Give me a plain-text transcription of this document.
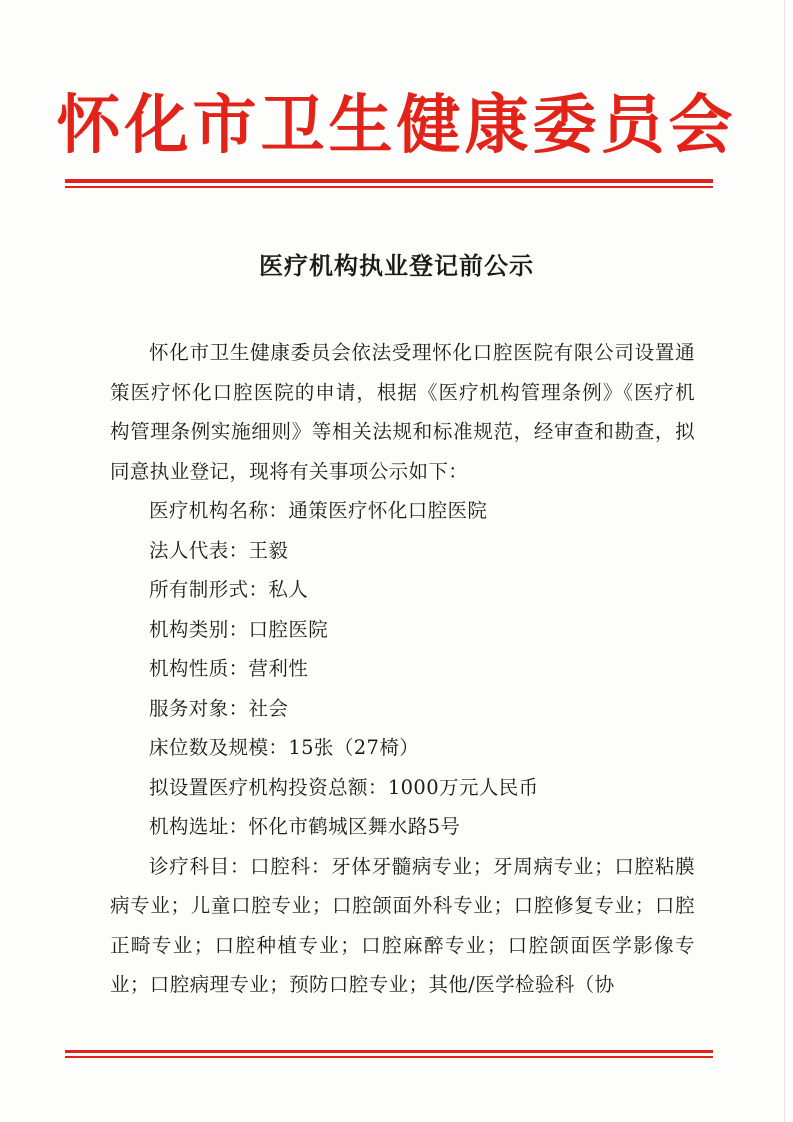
怀化市卫生健康委员会
医疗机构执业登记前公示

怀化市卫生健康委员会依法受理怀化口腔医院有限公司设置通策医疗怀化口腔医院的申请，根据《医疗机构管理条例》《医疗机构管理条例实施细则》等相关法规和标准规范，经审查和勘查，拟同意执业登记，现将有关事项公示如下：

医疗机构名称：通策医疗怀化口腔医院

法人代表：王毅

所有制形式：私人

机构类别：口腔医院

机构性质：营利性

服务对象：社会

床位数及规模：15张（27椅）

拟设置医疗机构投资总额：1000万元人民币

机构选址：怀化市鹤城区舞水路5号

诊疗科目：口腔科：牙体牙髓病专业；牙周病专业；口腔粘膜病专业；儿童口腔专业；口腔颌面外科专业；口腔修复专业；口腔正畸专业；口腔种植专业；口腔麻醉专业；口腔颌面医学影像专业；口腔病理专业；预防口腔专业；其他/医学检验科（协
